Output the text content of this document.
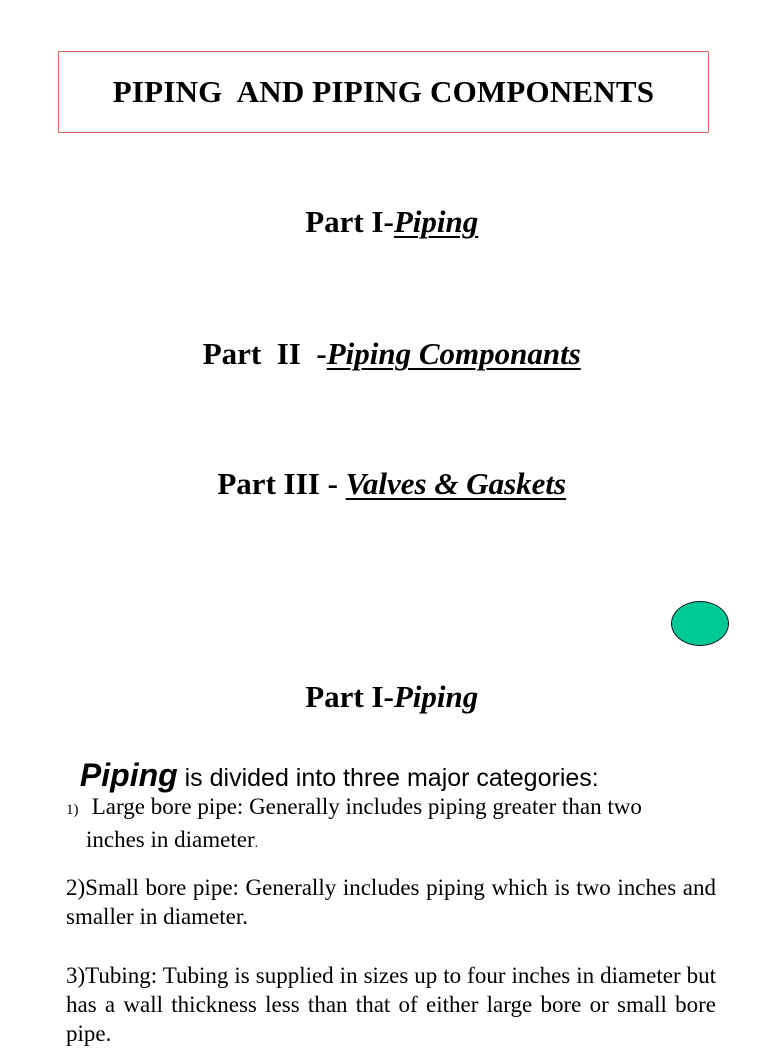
PIPING  AND PIPING COMPONENTS

Part I-Piping

Part  II  -Piping Componants

Part III - Valves & Gaskets

Part I-Piping

Piping is divided into three major categories:

1) Large bore pipe: Generally includes piping greater than two
inches in diameter.
2)Small bore pipe: Generally includes piping which is two inches and smaller in diameter.
3)Tubing: Tubing is supplied in sizes up to four inches in diameter but has a wall thickness less than that of either large bore or small bore pipe.
